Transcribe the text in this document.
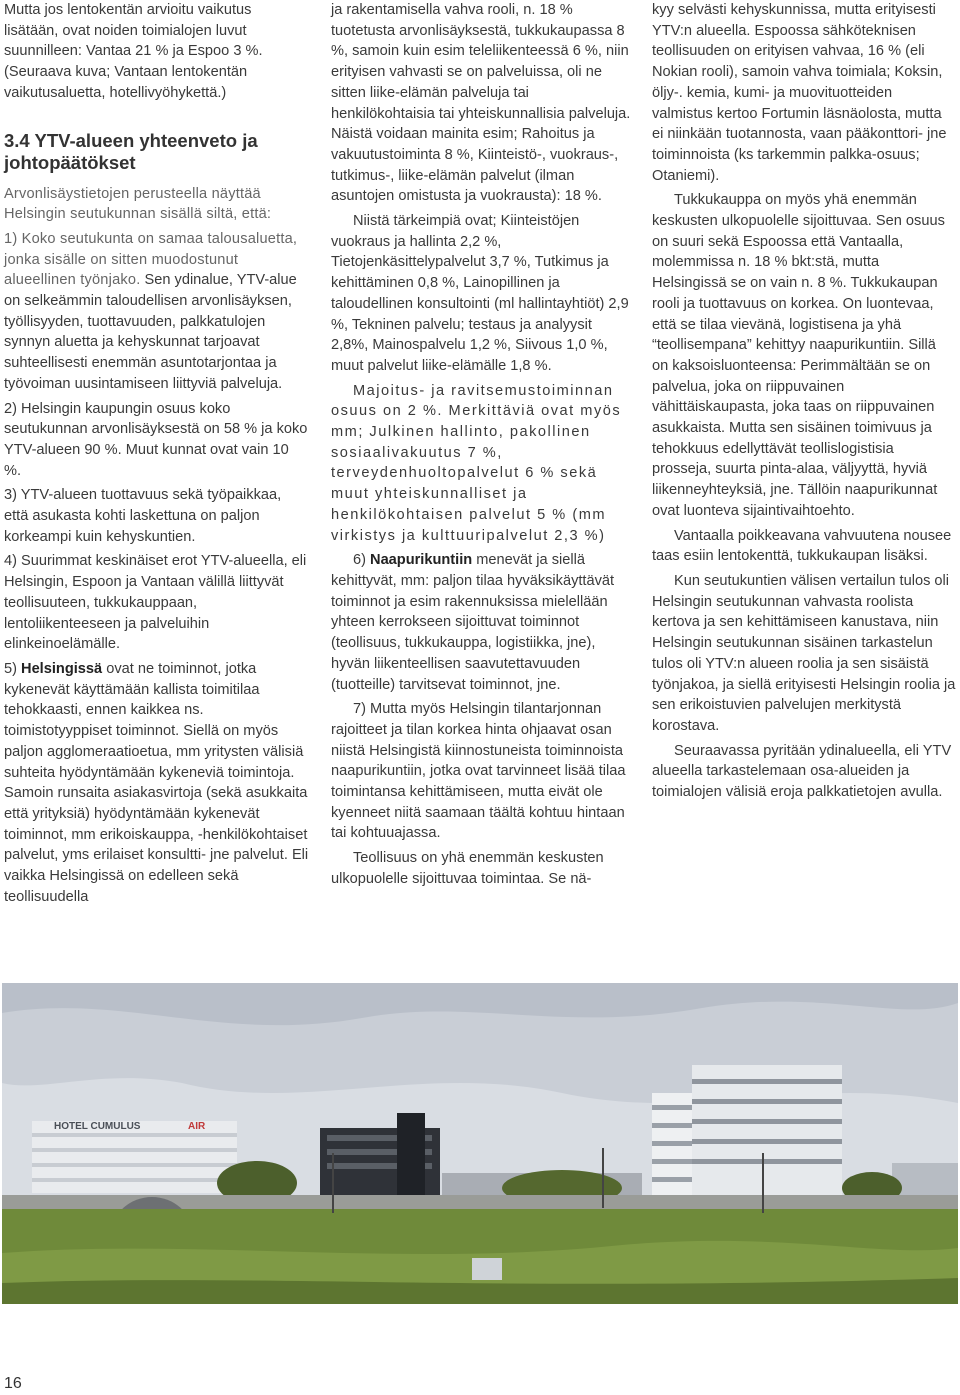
Mutta jos lentokentän arvioitu vaikutus lisätään, ovat noiden toimialojen luvut suunnilleen: Vantaa 21 % ja Espoo 3 %. (Seuraava kuva; Vantaan lentokentän vaikutusaluetta, hotellivyöhykettä.)

3.4 YTV-alueen yhteenveto ja johtopäätökset

Arvonlisäystietojen perusteella näyttää Helsingin seutukunnan sisällä siltä, että:

1) Koko seutukunta on samaa talousaluetta, jonka sisälle on sitten muodostunut alueellinen työnjako. Sen ydinalue, YTV-alue on selkeämmin taloudellisen arvonlisäyksen, työllisyyden, tuottavuuden, palkkatulojen synnyn aluetta ja kehyskunnat tarjoavat suhteellisesti enemmän asuntotarjontaa ja työvoiman uusintamiseen liittyviä palveluja.

2) Helsingin kaupungin osuus koko seutukunnan arvonlisäyksestä on 58 % ja koko YTV-alueen 90 %. Muut kunnat ovat vain 10 %.

3) YTV-alueen tuottavuus sekä työpaikkaa, että asukasta kohti laskettuna on paljon korkeampi kuin kehyskuntien.

4) Suurimmat keskinäiset erot YTV-alueella, eli Helsingin, Espoon ja Vantaan välillä liittyvät teollisuuteen, tukkukauppaan, lentoliikenteeseen ja palveluihin elinkeinoelämälle.

5) Helsingissä ovat ne toiminnot, jotka kykenevät käyttämään kallista toimitilaa tehokkaasti, ennen kaikkea ns. toimistotyyppiset toiminnot. Siellä on myös paljon agglomeraatioetua, mm yritysten välisiä suhteita hyödyntämään kykeneviä toimintoja. Samoin runsaita asiakasvirtoja (sekä asukkaita että yrityksiä) hyödyntämään kykenevät toiminnot, mm erikoiskauppa, -henkilökohtaiset palvelut, yms erilaiset konsultti- jne palvelut. Eli vaikka Helsingissä on edelleen sekä teollisuudella

ja rakentamisella vahva rooli, n. 18 % tuotetusta arvonlisäyksestä, tukkukaupassa 8 %, samoin kuin esim teleliikenteessä 6 %, niin erityisen vahvasti se on palveluissa, oli ne sitten liike-elämän palveluja tai henkilökohtaisia tai yhteiskunnallisia palveluja. Näistä voidaan mainita esim; Rahoitus ja vakuutustoiminta 8 %, Kiinteistö-, vuokraus-, tutkimus-, liike-elämän palvelut (ilman asuntojen omistusta ja vuokrausta): 18 %.

Niistä tärkeimpiä ovat; Kiinteistöjen vuokraus ja hallinta 2,2 %, Tietojenkäsittelypalvelut 3,7 %, Tutkimus ja kehittäminen 0,8 %, Lainopillinen ja taloudellinen konsultointi (ml hallintayhtiöt) 2,9 %, Tekninen palvelu; testaus ja analyysit 2,8%, Mainospalvelu 1,2 %, Siivous 1,0 %, muut palvelut liike-elämälle 1,8 %.

Majoitus- ja ravitsemustoiminnan osuus on 2 %. Merkittäviä ovat myös mm; Julkinen hallinto, pakollinen sosiaalivakuutus 7 %, terveydenhuoltopalvelut 6 % sekä muut yhteiskunnalliset ja henkilökohtaisen palvelut 5 % (mm virkistys ja kulttuuripalvelut 2,3 %)

6) Naapurikuntiin menevät ja siellä kehittyvät, mm: paljon tilaa hyväksikäyttävät toiminnot ja esim rakennuksissa mielellään yhteen kerrokseen sijoittuvat toiminnot (teollisuus, tukkukauppa, logistiikka, jne), hyvän liikenteellisen saavutettavuuden (tuotteille) tarvitsevat toiminnot, jne.

7) Mutta myös Helsingin tilantarjonnan rajoitteet ja tilan korkea hinta ohjaavat osan niistä Helsingistä kiinnostuneista toiminnoista naapurikuntiin, jotka ovat tarvinneet lisää tilaa toimintansa kehittämiseen, mutta eivät ole kyenneet niitä saamaan täältä kohtuu hintaan tai kohtuuajassa.

Teollisuus on yhä enemmän keskusten ulkopuolelle sijoittuvaa toimintaa. Se nä-

kyy selvästi kehyskunnissa, mutta erityisesti YTV:n alueella. Espoossa sähköteknisen teollisuuden on erityisen vahvaa, 16 % (eli Nokian rooli), samoin vahva toimiala; Koksin, öljy-. kemia, kumi- ja muovituotteiden valmistus kertoo Fortumin läsnäolosta, mutta ei niinkään tuotannosta, vaan pääkonttori- jne toiminnoista (ks tarkemmin palkka-osuus; Otaniemi).

Tukkukauppa on myös yhä enemmän keskusten ulkopuolelle sijoittuvaa. Sen osuus on suuri sekä Espoossa että Vantaalla, molemmissa n. 18 % bkt:stä, mutta Helsingissä se on vain n. 8 %. Tukkukaupan rooli ja tuottavuus on korkea. On luontevaa, että se tilaa vievänä, logistisena ja yhä “teollisempana” kehittyy naapurikuntiin. Sillä on kaksoisluonteensa: Perimmältään se on palvelua, joka on riippuvainen vähittäiskaupasta, joka taas on riippuvainen asukkaista. Mutta sen sisäinen toimivuus ja tehokkuus edellyttävät teollislogistisia prosseja, suurta pinta-alaa, väljyyttä, hyviä liikenneyhteyksiä, jne. Tällöin naapurikunnat ovat luonteva sijaintivaihtoehto.

Vantaalla poikkeavana vahvuutena nousee taas esiin lentokenttä, tukkukaupan lisäksi.

Kun seutukuntien välisen vertailun tulos oli Helsingin seutukunnan vahvasta roolista kertova ja sen kehittämiseen kanustava, niin Helsingin seutukunnan sisäinen tarkastelun tulos oli YTV:n alueen roolia ja sen sisäistä työnjakoa, ja siellä erityisesti Helsingin roolia ja sen erikoistuvien palvelujen merkitystä korostava.

Seuraavassa pyritään ydinalueella, eli YTV alueella tarkastelemaan osa-alueiden ja toimialojen välisiä eroja palkkatietojen avulla.

HOTEL CUMULUS	AIR
16
